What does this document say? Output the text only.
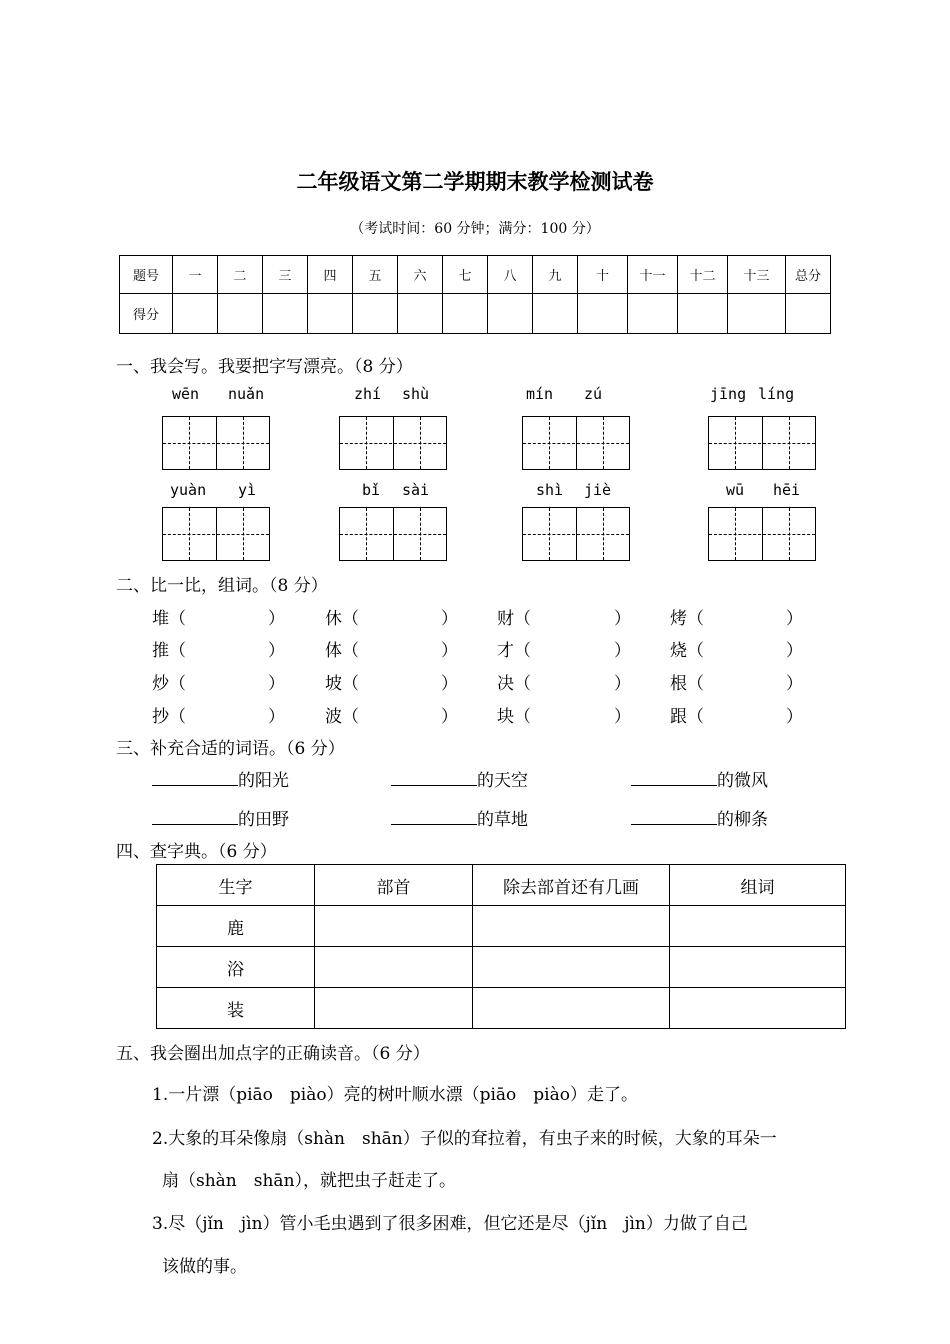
二年级语文第二学期期末教学检测试卷
（考试时间：60 分钟；满分：100 分）
题号	一	二	三	四	五	六	七	八	九	十	十一	十二	十三	总分
得分														
一、我会写。我要把字写漂亮。（8 分）
wēn nuǎn	zhí shù	mín zú	jīng líng
yuàn yì	bǐ sài	shì jiè	wū hēi
二、比一比，组词。（8 分）
堆（	） 休（	） 财（	） 烤（	）
推（	） 体（	） 才（	） 烧（	）
炒（	） 坡（	） 决（	） 根（	）
抄（	） 波（	） 块（	） 跟（	）
三、补充合适的词语。（6 分）
的阳光	的天空	的微风
的田野	的草地	的柳条
四、查字典。（6 分）
生字	部首	除去部首还有几画	组词
鹿			
浴			
装			
五、我会圈出加点字的正确读音。（6 分）
1.一片漂（piāo　piào）亮的树叶顺水漂（piāo　piào）走了。
2.大象的耳朵像扇（shàn　shān）子似的耷拉着，有虫子来的时候，大象的耳朵一
扇（shàn　shān），就把虫子赶走了。
3.尽（jǐn　jìn）管小毛虫遇到了很多困难，但它还是尽（jǐn　jìn）力做了自己
该做的事。
